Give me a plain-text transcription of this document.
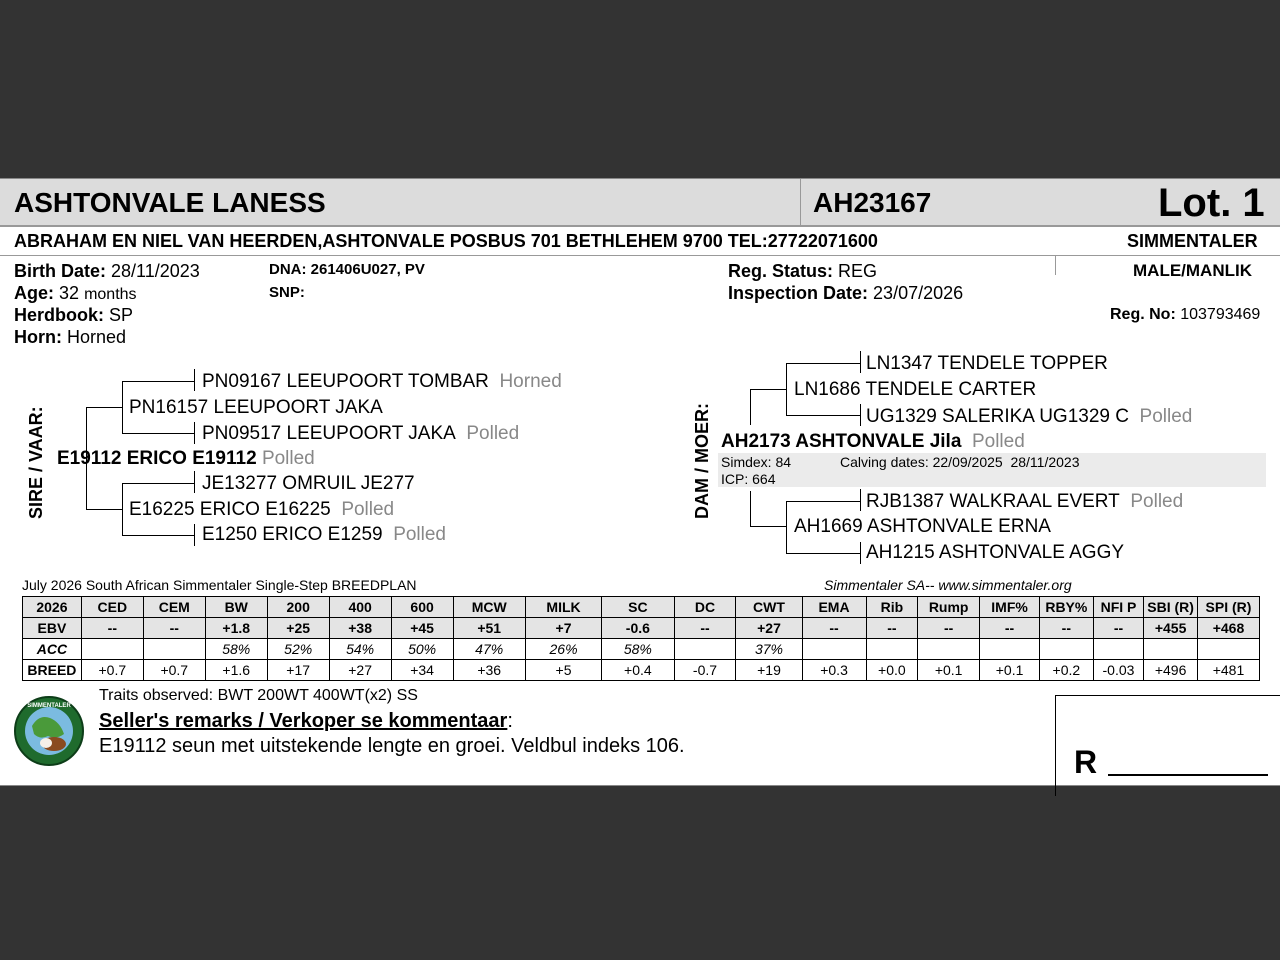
ASHTONVALE LANESS	AH23167	Lot. 1
ABRAHAM EN NIEL VAN HEERDEN,ASHTONVALE POSBUS 701 BETHLEHEM 9700 TEL:27722071600	SIMMENTALER
Birth Date: 28/11/2023
Age: 32 months
Herdbook: SP
Horn: Horned
DNA: 261406U027, PV
SNP:
Reg. Status: REG
Inspection Date: 23/07/2026
MALE/MANLIK
Reg. No: 103793469
SIRE / VAAR:
PN09167 LEEUPOORT TOMBAR Horned
PN16157 LEEUPOORT JAKA
PN09517 LEEUPOORT JAKA Polled
E19112 ERICO E19112 Polled
JE13277 OMRUIL JE277
E16225 ERICO E16225 Polled
E1250 ERICO E1259 Polled
DAM / MOER:
LN1347 TENDELE TOPPER
LN1686 TENDELE CARTER
UG1329 SALERIKA UG1329 C Polled
AH2173 ASHTONVALE Jila Polled
Simdex: 84
ICP: 664
Calving dates: 22/09/2025  28/11/2023
RJB1387 WALKRAAL EVERT Polled
AH1669 ASHTONVALE ERNA
AH1215 ASHTONVALE AGGY
July 2026 South African Simmentaler Single-Step BREEDPLAN	Simmentaler SA-- www.simmentaler.org
2026	CED	CEM	BW	200	400	600	MCW	MILK	SC	DC	CWT	EMA	Rib	Rump	IMF%	RBY%	NFI P	SBI (R)	SPI (R)
EBV	--	--	+1.8	+25	+38	+45	+51	+7	-0.6	--	+27	--	--	--	--	--	--	+455	+468
ACC			58%	52%	54%	50%	47%	26%	58%		37%								
BREED	+0.7	+0.7	+1.6	+17	+27	+34	+36	+5	+0.4	-0.7	+19	+0.3	+0.0	+0.1	+0.1	+0.2	-0.03	+496	+481
SIMMENTALER
Traits observed: BWT 200WT 400WT(x2) SS
Seller's remarks / Verkoper se kommentaar:
E19112 seun met uitstekende lengte en groei. Veldbul indeks 106.	R
